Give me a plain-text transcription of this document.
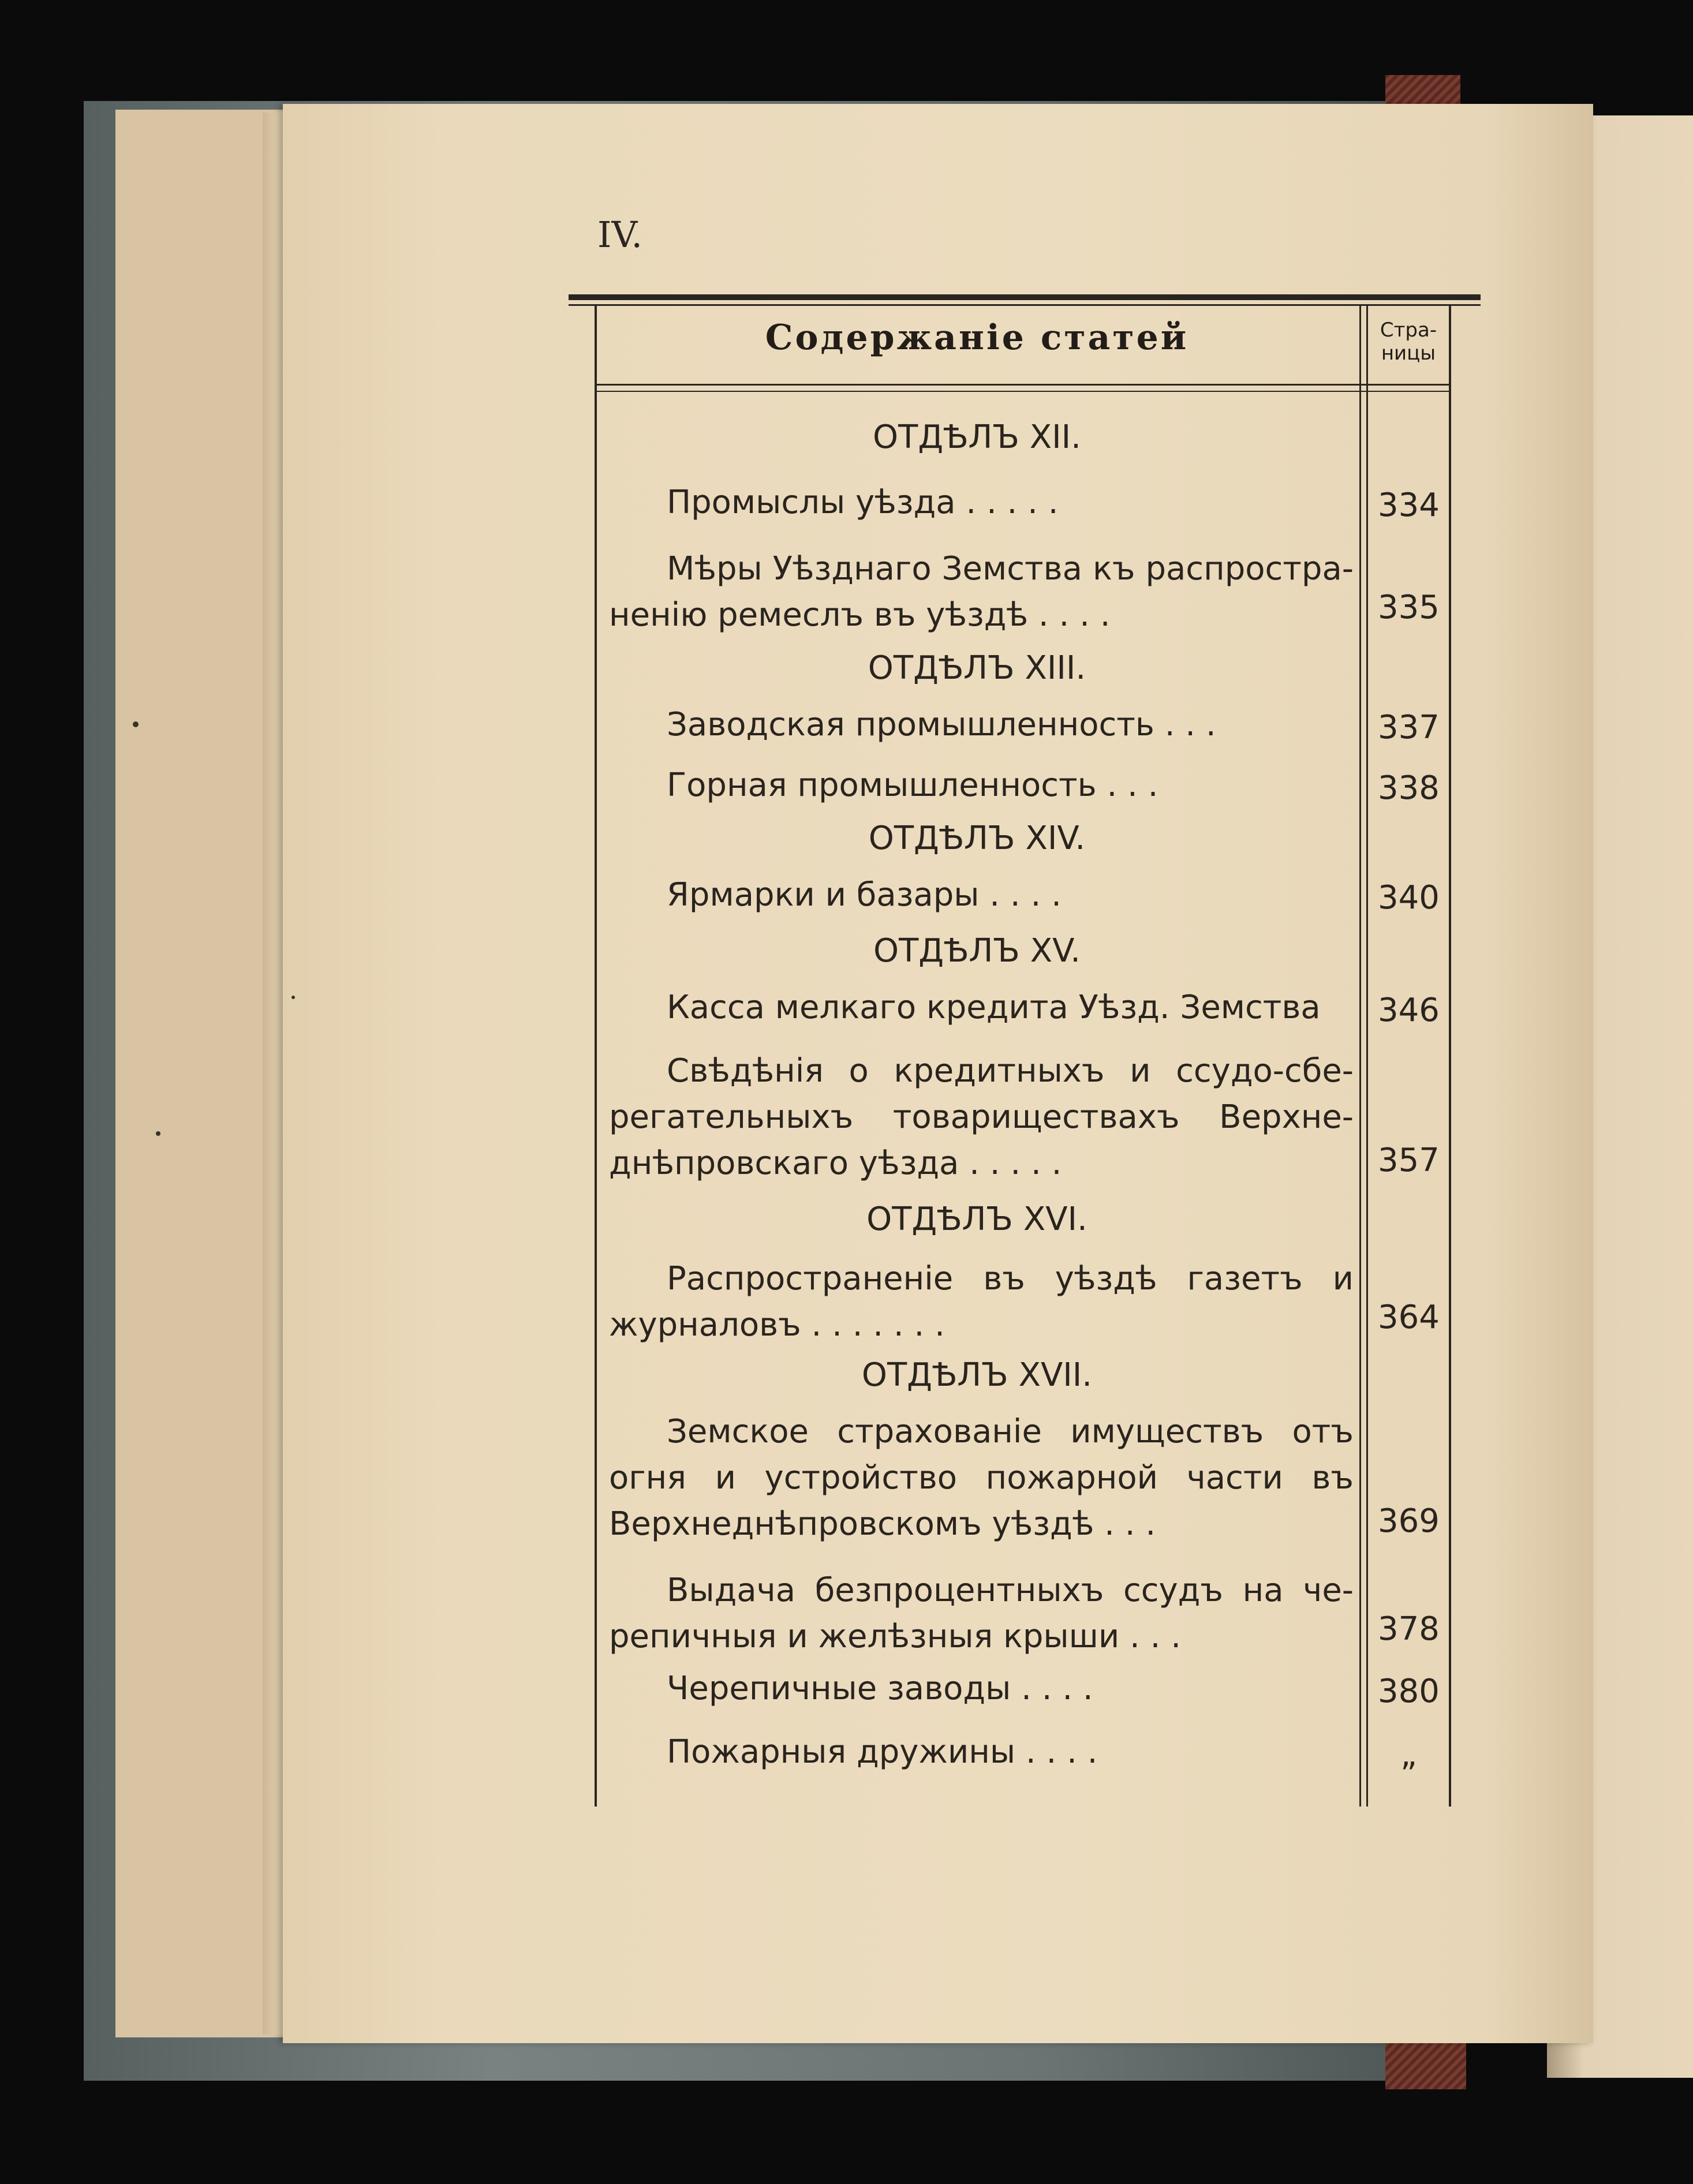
IV.
Содержаніе статей	Стра-
ницы
ОТДѢЛЪ XII.
Промыслы уѣзда . . . . .	334
Мѣры Уѣзднаго Земства къ распростра-
ненію ремеслъ въ уѣздѣ . . . .	335
ОТДѢЛЪ XIII.
Заводская промышленность . . .	337
Горная промышленность . . .	338
ОТДѢЛЪ XIV.
Ярмарки и базары . . . .	340
ОТДѢЛЪ XV.
Касса мелкаго кредита Уѣзд. Земства	346
Свѣдѣнія о кредитныхъ и ссудо-сбе-
регательныхъ товариществахъ Верхне-
днѣпровскаго уѣзда . . . . .	357
ОТДѢЛЪ XVI.
Распространеніе въ уѣздѣ газетъ и
журналовъ . . . . . . .	364
ОТДѢЛЪ XVII.
Земское страхованіе имуществъ отъ
огня и устройство пожарной части въ
Верхнеднѣпровскомъ уѣздѣ . . .	369
Выдача безпроцентныхъ ссудъ на че-
репичныя и желѣзныя крыши . . .	378
Черепичные заводы . . . .	380
Пожарныя дружины . . . .	„
